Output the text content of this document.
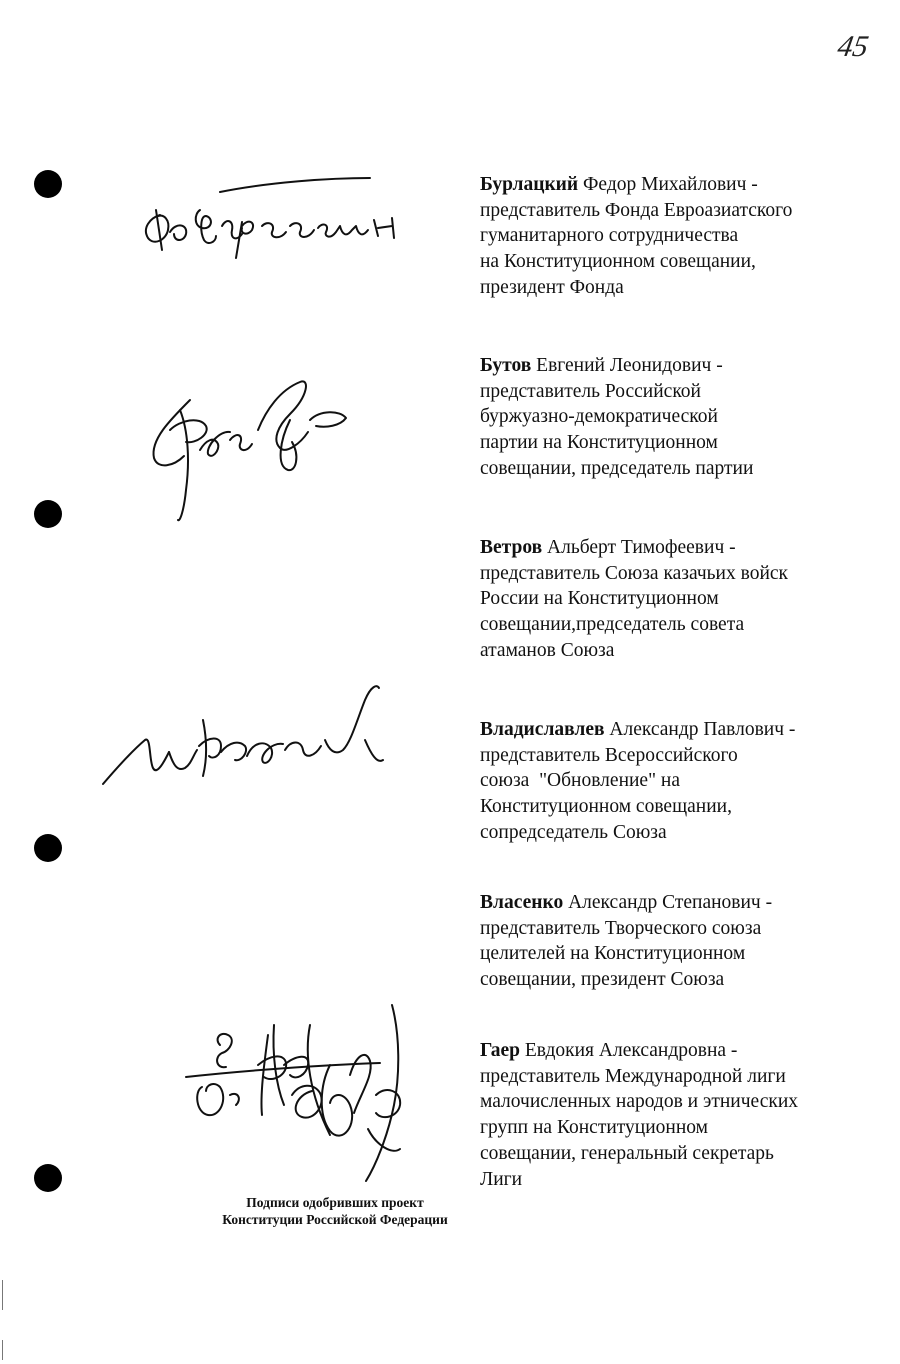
45
Бурлацкий Федор Михайлович -
представитель Фонда Евроазиатского
гуманитарного сотрудничества
на Конституционном совещании,
президент Фонда
Бутов Евгений Леонидович -
представитель Российской
буржуазно-демократической
партии на Конституционном
совещании, председатель партии
Ветров Альберт Тимофеевич -
представитель Союза казачьих войск
России на Конституционном
совещании,председатель совета
атаманов Союза
Владиславлев Александр Павлович -
представитель Всероссийского
союза  "Обновление" на
Конституционном совещании,
сопредседатель Союза
Власенко Александр Степанович -
представитель Творческого союза
целителей на Конституционном
совещании, президент Союза
Гаер Евдокия Александровна -
представитель Международной лиги
малочисленных народов и этнических
групп на Конституционном
совещании, генеральный секретарь
Лиги
Подписи одобривших проект
Конституции Российской Федерации
